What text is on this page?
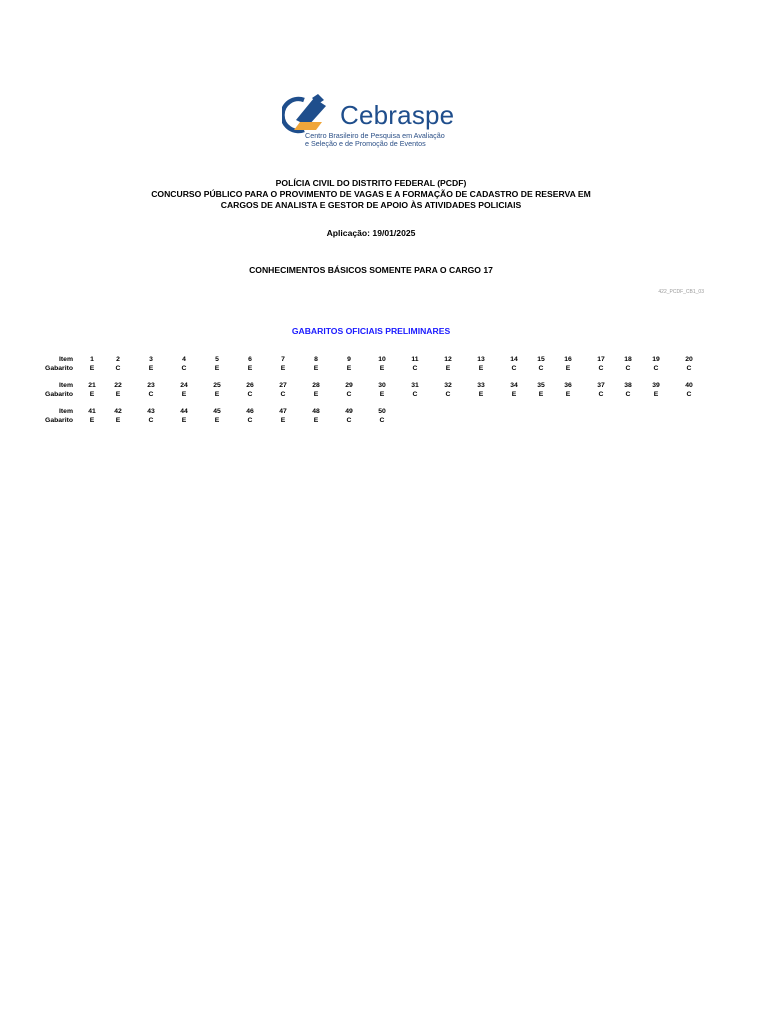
Cebraspe
Centro Brasileiro de Pesquisa em Avaliação
e Seleção e de Promoção de Eventos
POLÍCIA CIVIL DO DISTRITO FEDERAL (PCDF)
CONCURSO PÚBLICO PARA O PROVIMENTO DE VAGAS E A FORMAÇÃO DE CADASTRO DE RESERVA EM
CARGOS DE ANALISTA E GESTOR DE APOIO ÀS ATIVIDADES POLICIAIS
Aplicação: 19/01/2025
CONHECIMENTOS BÁSICOS SOMENTE PARA O CARGO 17
422_PCDF_CB1_03
GABARITOS OFICIAIS PRELIMINARES
Item
Gabarito
1
E
2
C
3
E
4
C
5
E
6
E
7
E
8
E
9
E
10
E
11
C
12
E
13
E
14
C
15
C
16
E
17
C
18
C
19
C
20
C
Item
Gabarito
21
E
22
E
23
C
24
E
25
E
26
C
27
C
28
E
29
C
30
E
31
C
32
C
33
E
34
E
35
E
36
E
37
C
38
C
39
E
40
C
Item
Gabarito
41
E
42
E
43
C
44
E
45
E
46
C
47
E
48
E
49
C
50
C
